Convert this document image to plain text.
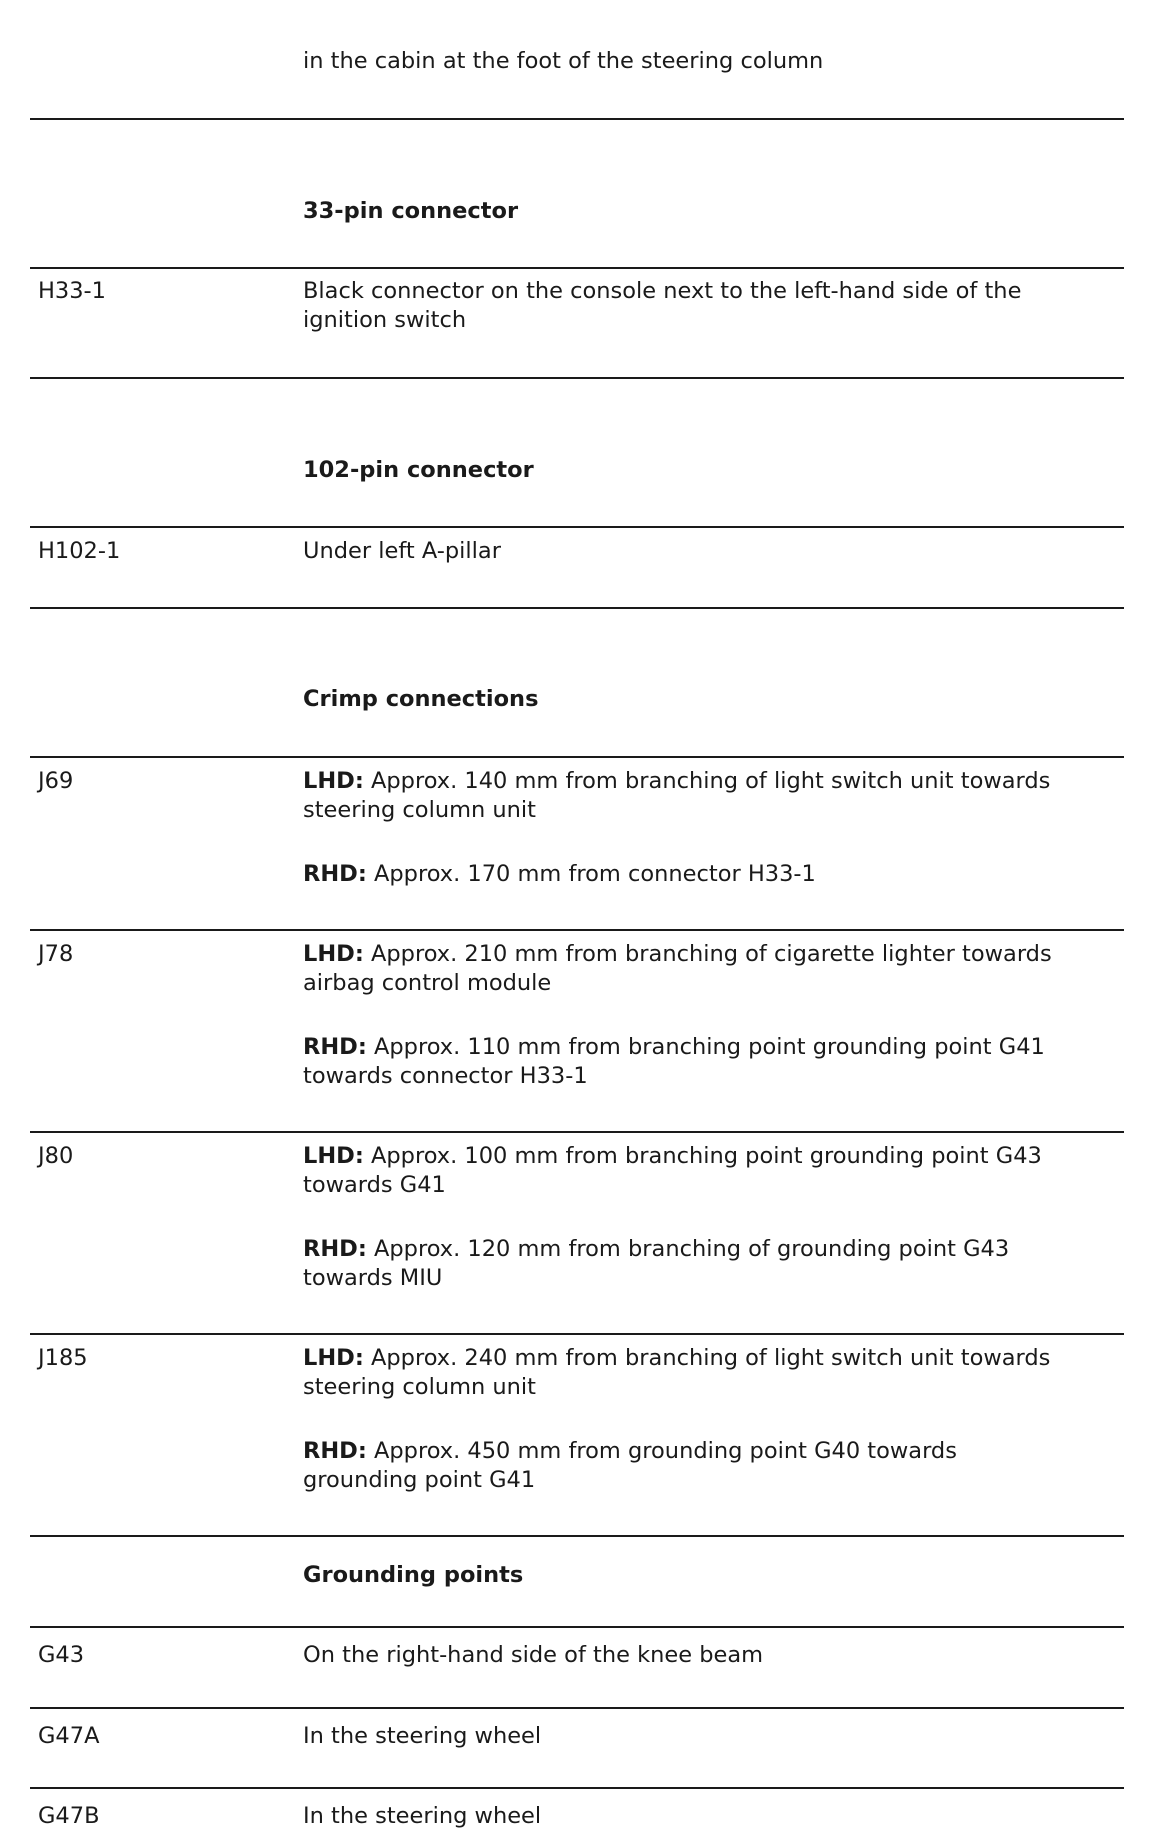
in the cabin at the foot of the steering column
33-pin connector
H33-1	Black connector on the console next to the left-hand side of the
ignition switch
102-pin connector
H102-1	Under left A-pillar
Crimp connections
J69	LHD: Approx. 140 mm from branching of light switch unit towards
steering column unit
RHD: Approx. 170 mm from connector H33-1
J78	LHD: Approx. 210 mm from branching of cigarette lighter towards
airbag control module
RHD: Approx. 110 mm from branching point grounding point G41
towards connector H33-1
J80	LHD: Approx. 100 mm from branching point grounding point G43
towards G41
RHD: Approx. 120 mm from branching of grounding point G43
towards MIU
J185	LHD: Approx. 240 mm from branching of light switch unit towards
steering column unit
RHD: Approx. 450 mm from grounding point G40 towards
grounding point G41
Grounding points
G43	On the right-hand side of the knee beam
G47A	In the steering wheel
G47B	In the steering wheel
